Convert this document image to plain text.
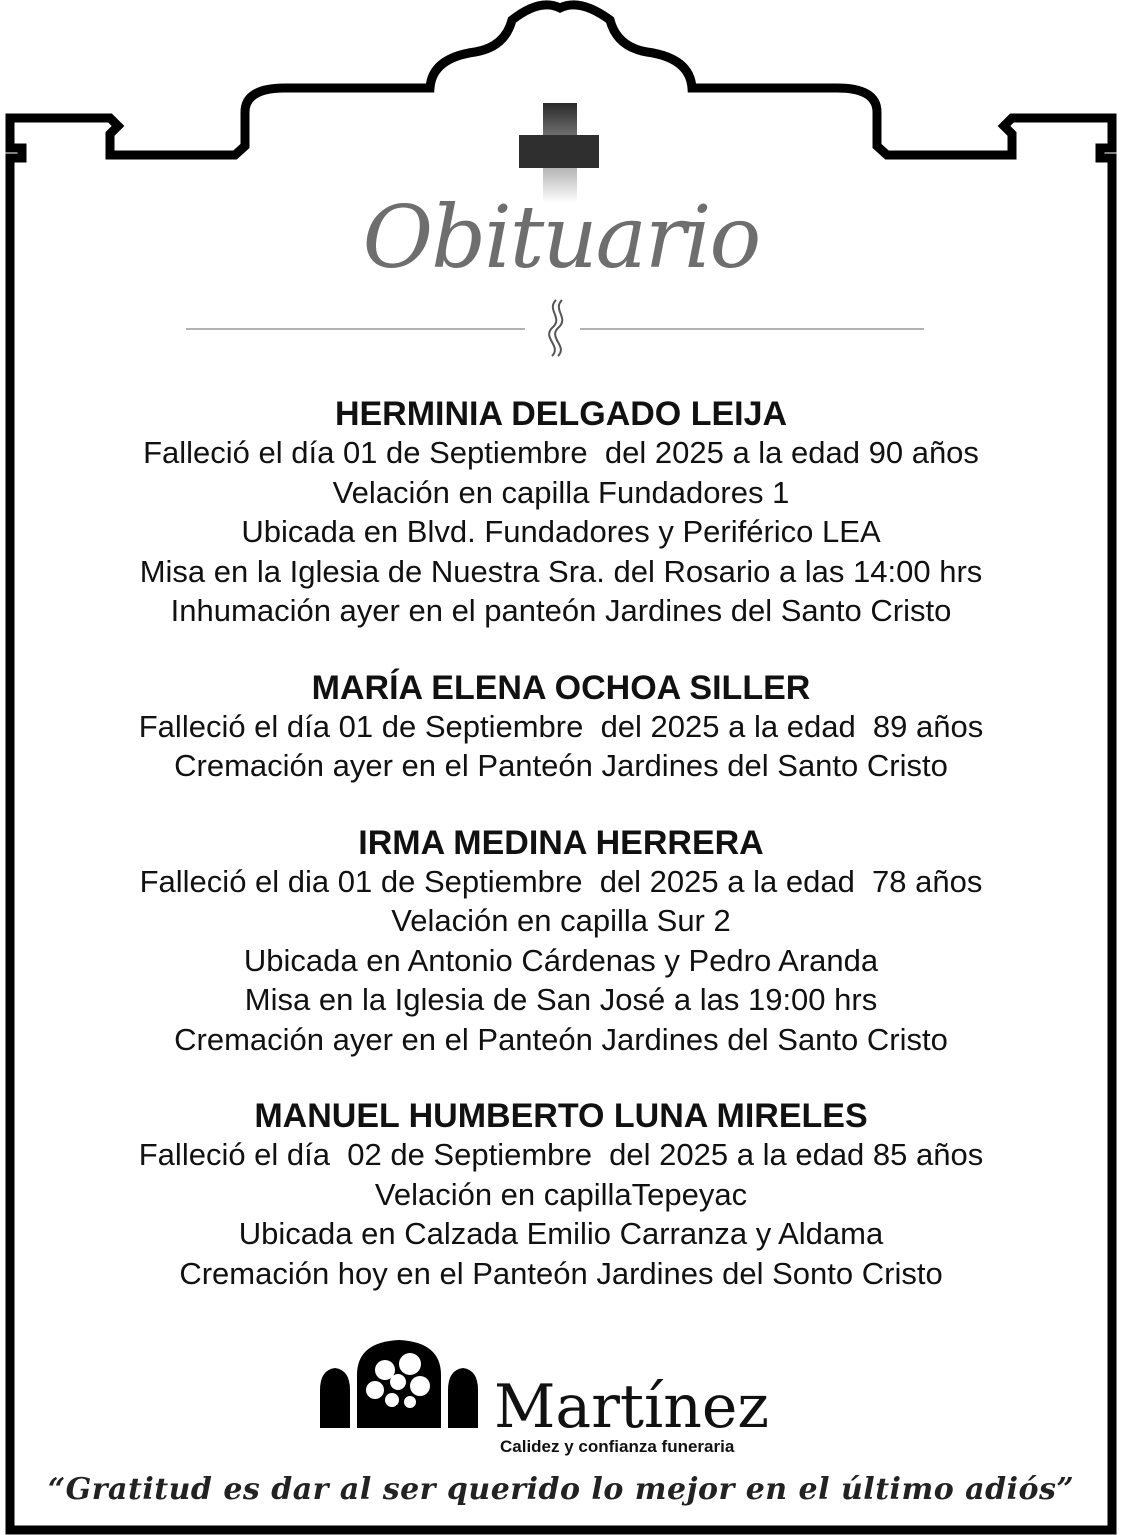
Obituario

HERMINIA DELGADO LEIJA

Falleció el día 01 de Septiembre  del 2025 a la edad 90 años

Velación en capilla Fundadores 1

Ubicada en Blvd. Fundadores y Periférico LEA

Misa en la Iglesia de Nuestra Sra. del Rosario a las 14:00 hrs

Inhumación ayer en el panteón Jardines del Santo Cristo

MARÍA ELENA OCHOA SILLER

Falleció el día 01 de Septiembre  del 2025 a la edad  89 años

Cremación ayer en el Panteón Jardines del Santo Cristo

IRMA MEDINA HERRERA

Falleció el dia 01 de Septiembre  del 2025 a la edad  78 años

Velación en capilla Sur 2

Ubicada en Antonio Cárdenas y Pedro Aranda

Misa en la Iglesia de San José a las 19:00 hrs

Cremación ayer en el Panteón Jardines del Santo Cristo

MANUEL HUMBERTO LUNA MIRELES

Falleció el día  02 de Septiembre  del 2025 a la edad 85 años

Velación en capillaTepeyac

Ubicada en Calzada Emilio Carranza y Aldama

Cremación hoy en el Panteón Jardines del Sonto Cristo

Martínez
Calidez y confianza funeraria
“Gratitud es dar al ser querido lo mejor en el último adiós”
